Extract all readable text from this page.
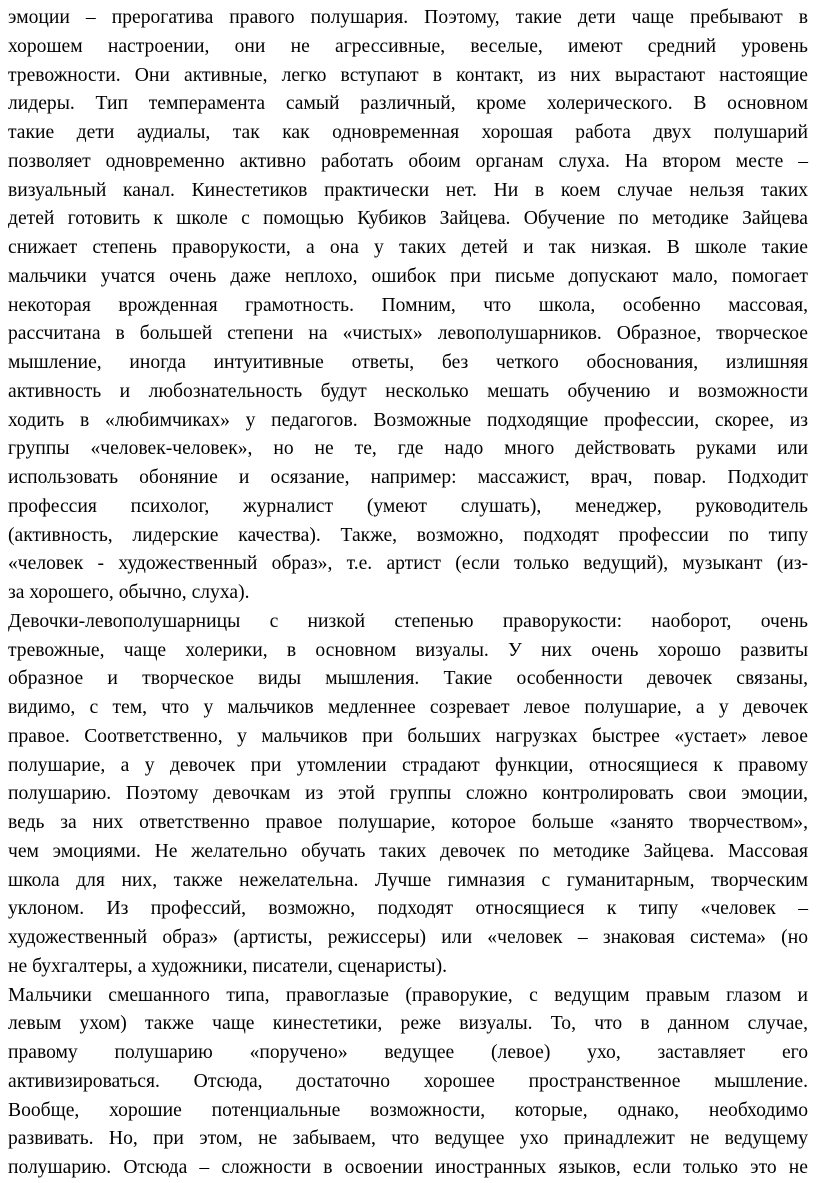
эмоции – прерогатива правого полушария. Поэтому, такие дети чаще пребывают в
хорошем настроении, они не агрессивные, веселые, имеют средний уровень
тревожности. Они активные, легко вступают в контакт, из них вырастают настоящие
лидеры. Тип темперамента самый различный, кроме холерического. В основном
такие дети аудиалы, так как одновременная хорошая работа двух полушарий
позволяет одновременно активно работать обоим органам слуха. На втором месте –
визуальный канал. Кинестетиков практически нет. Ни в коем случае нельзя таких
детей готовить к школе с помощью Кубиков Зайцева. Обучение по методике Зайцева
снижает степень праворукости, а она у таких детей и так низкая. В школе такие
мальчики учатся очень даже неплохо, ошибок при письме допускают мало, помогает
некоторая врожденная грамотность. Помним, что школа, особенно массовая,
рассчитана в большей степени на «чистых» левополушарников. Образное, творческое
мышление, иногда интуитивные ответы, без четкого обоснования, излишняя
активность и любознательность будут несколько мешать обучению и возможности
ходить в «любимчиках» у педагогов. Возможные подходящие профессии, скорее, из
группы «человек-человек», но не те, где надо много действовать руками или
использовать обоняние и осязание, например: массажист, врач, повар. Подходит
профессия психолог, журналист (умеют слушать), менеджер, руководитель
(активность, лидерские качества). Также, возможно, подходят профессии по типу
«человек - художественный образ», т.е. артист (если только ведущий), музыкант (из-
за хорошего, обычно, слуха).
Девочки-левополушарницы с низкой степенью праворукости: наоборот, очень
тревожные, чаще холерики, в основном визуалы. У них очень хорошо развиты
образное и творческое виды мышления. Такие особенности девочек связаны,
видимо, с тем, что у мальчиков медленнее созревает левое полушарие, а у девочек
правое. Соответственно, у мальчиков при больших нагрузках быстрее «устает» левое
полушарие, а у девочек при утомлении страдают функции, относящиеся к правому
полушарию. Поэтому девочкам из этой группы сложно контролировать свои эмоции,
ведь за них ответственно правое полушарие, которое больше «занято творчеством»,
чем эмоциями. Не желательно обучать таких девочек по методике Зайцева. Массовая
школа для них, также нежелательна. Лучше гимназия с гуманитарным, творческим
уклоном. Из профессий, возможно, подходят относящиеся к типу «человек –
художественный образ» (артисты, режиссеры) или «человек – знаковая система» (но
не бухгалтеры, а художники, писатели, сценаристы).
Мальчики смешанного типа, правоглазые (праворукие, с ведущим правым глазом и
левым ухом) также чаще кинестетики, реже визуалы. То, что в данном случае,
правому полушарию «поручено» ведущее (левое) ухо, заставляет его
активизироваться. Отсюда, достаточно хорошее пространственное мышление.
Вообще, хорошие потенциальные возможности, которые, однако, необходимо
развивать. Но, при этом, не забываем, что ведущее ухо принадлежит не ведущему
полушарию. Отсюда – сложности в освоении иностранных языков, если только это не
